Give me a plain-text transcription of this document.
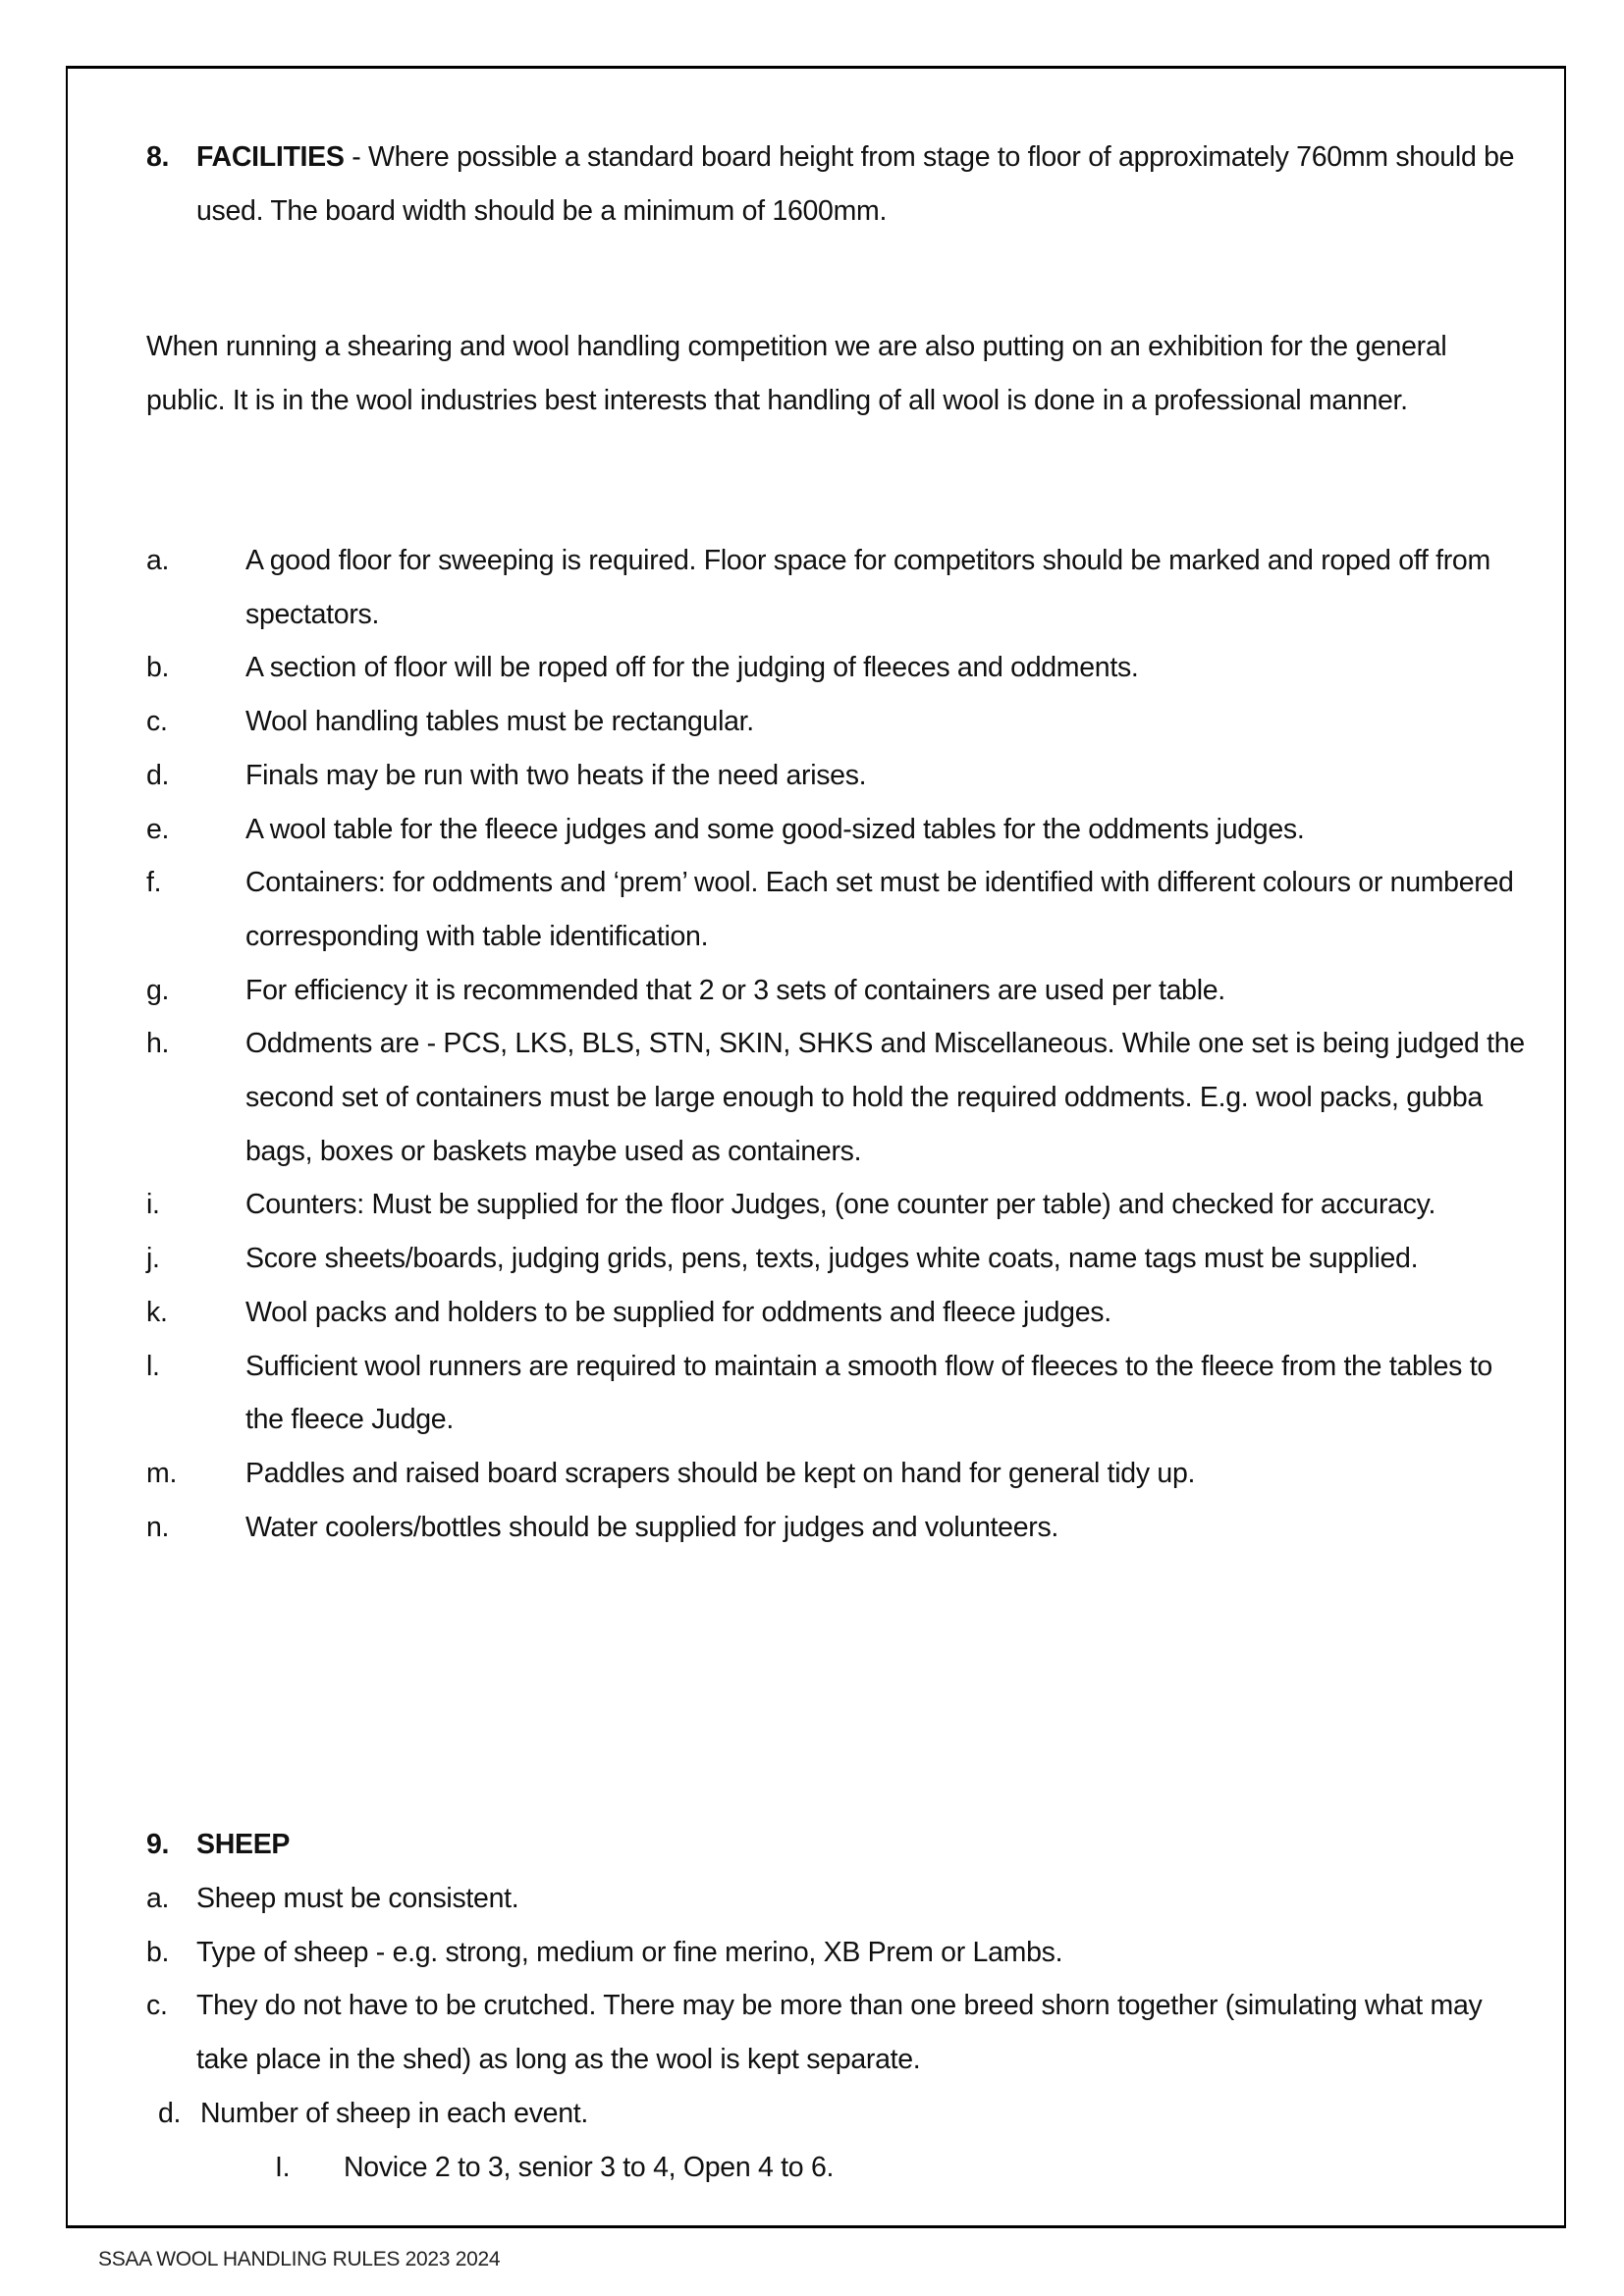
8. FACILITIES - Where possible a standard board height from stage to floor of approximately 760mm should be used. The board width should be a minimum of 1600mm.
When running a shearing and wool handling competition we are also putting on an exhibition for the general public. It is in the wool industries best interests that handling of all wool is done in a professional manner.
a.	A good floor for sweeping is required. Floor space for competitors should be marked and roped off from spectators.
b.	A section of floor will be roped off for the judging of fleeces and oddments.
c.	Wool handling tables must be rectangular.
d.	Finals may be run with two heats if the need arises.
e.	A wool table for the fleece judges and some good-sized tables for the oddments judges.
f.	Containers: for oddments and ‘prem’ wool. Each set must be identified with different colours or numbered corresponding with table identification.
g.	For efficiency it is recommended that 2 or 3 sets of containers are used per table.
h.	Oddments are - PCS, LKS, BLS, STN, SKIN, SHKS and Miscellaneous. While one set is being judged the second set of containers must be large enough to hold the required oddments. E.g. wool packs, gubba bags, boxes or baskets maybe used as containers.
i.	Counters: Must be supplied for the floor Judges, (one counter per table) and checked for accuracy.
j.	Score sheets/boards, judging grids, pens, texts, judges white coats, name tags must be supplied.
k.	Wool packs and holders to be supplied for oddments and fleece judges.
l.	Sufficient wool runners are required to maintain a smooth flow of fleeces to the fleece from the tables to the fleece Judge.
m.	Paddles and raised board scrapers should be kept on hand for general tidy up.
n.	Water coolers/bottles should be supplied for judges and volunteers.
9. SHEEP
a. Sheep must be consistent.
b. Type of sheep - e.g. strong, medium or fine merino, XB Prem or Lambs.
c.	They do not have to be crutched. There may be more than one breed shorn together (simulating what may take place in the shed) as long as the wool is kept separate.
d. Number of sheep in each event.
I.	Novice 2 to 3, senior 3 to 4, Open 4 to 6.
SSAA WOOL HANDLING RULES 2023 2024
